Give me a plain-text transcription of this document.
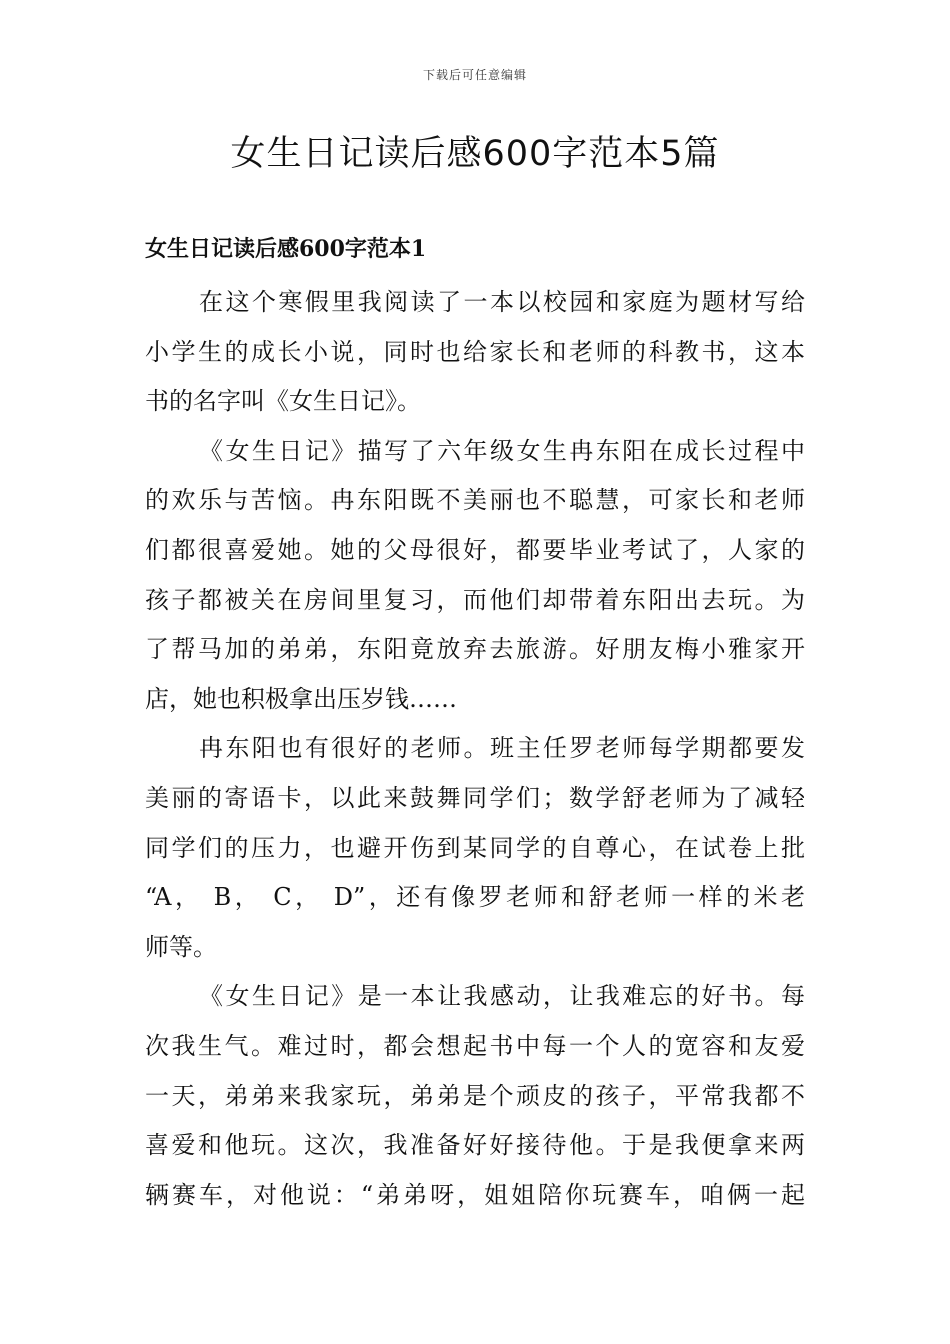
下载后可任意编辑
女生日记读后感600字范本5篇
女生日记读后感600字范本1

在这个寒假里我阅读了一本以校园和家庭为题材写给
小学生的成长小说，同时也给家长和老师的科教书，这本
书的名字叫《女生日记》。

《女生日记》描写了六年级女生冉东阳在成长过程中
的欢乐与苦恼。冉东阳既不美丽也不聪慧，可家长和老师
们都很喜爱她。她的父母很好，都要毕业考试了，人家的
孩子都被关在房间里复习，而他们却带着东阳出去玩。为
了帮马加的弟弟，东阳竟放弃去旅游。好朋友梅小雅家开
店，她也积极拿出压岁钱……

冉东阳也有很好的老师。班主任罗老师每学期都要发
美丽的寄语卡，以此来鼓舞同学们；数学舒老师为了减轻
同学们的压力，也避开伤到某同学的自尊心，在试卷上批
“A， B， C， D”，还有像罗老师和舒老师一样的米老
师等。

《女生日记》是一本让我感动，让我难忘的好书。每
次我生气。难过时，都会想起书中每一个人的宽容和友爱
一天，弟弟来我家玩，弟弟是个顽皮的孩子，平常我都不
喜爱和他玩。这次，我准备好好接待他。于是我便拿来两
辆赛车，对他说：“弟弟呀，姐姐陪你玩赛车，咱俩一起
